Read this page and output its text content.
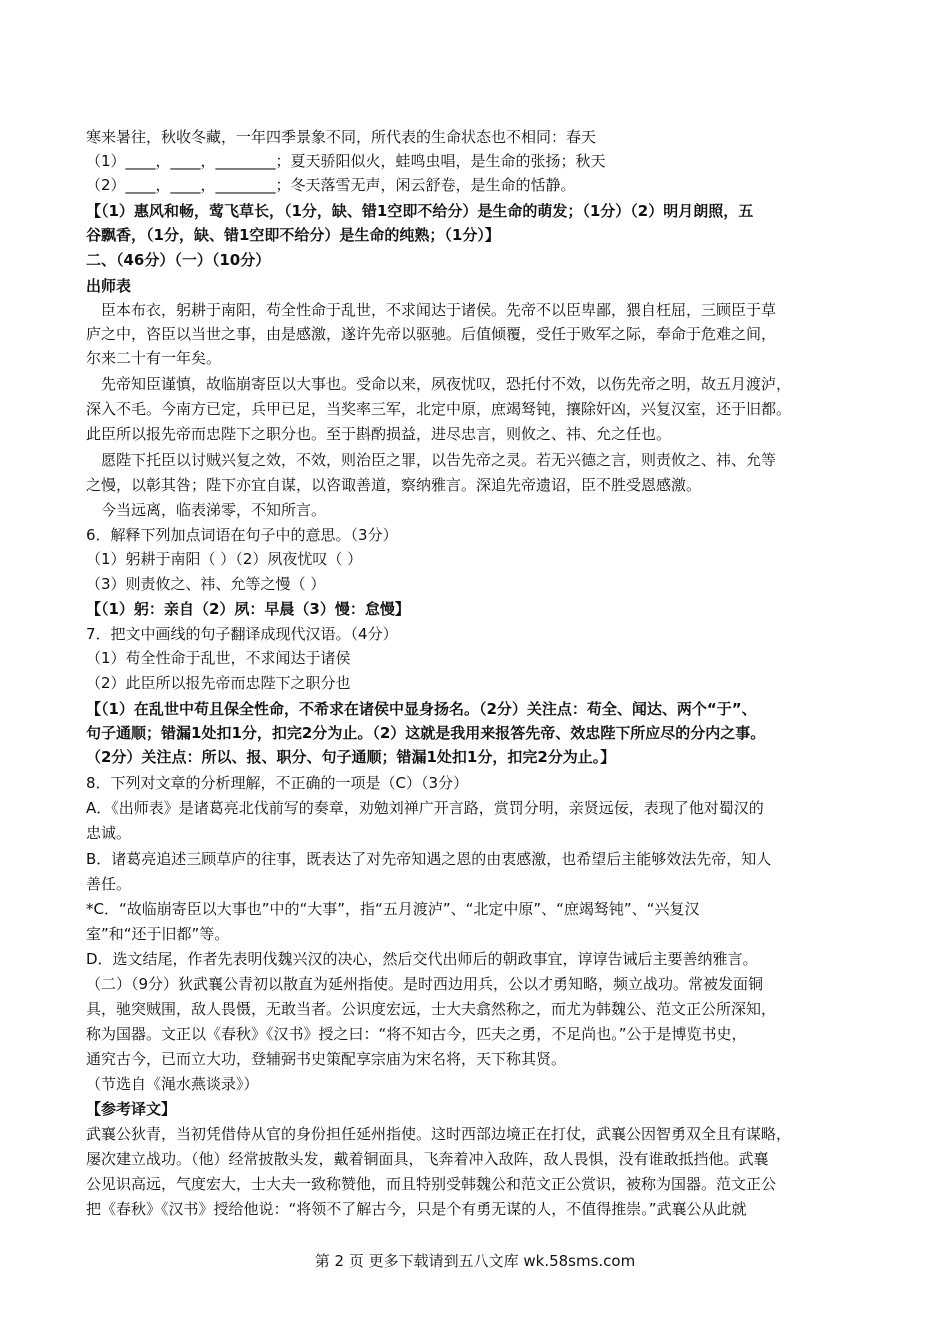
寒来暑往，秋收冬藏，一年四季景象不同，所代表的生命状态也不相同：春天
（1）____，____，________；夏天骄阳似火，蛙鸣虫唱，是生命的张扬；秋天
（2）____，____，________；冬天落雪无声，闲云舒卷，是生命的恬静。
【（1）惠风和畅，莺飞草长，（1分，缺、错1空即不给分）是生命的萌发；（1分）（2）明月朗照，五
谷飘香，（1分，缺、错1空即不给分）是生命的纯熟；（1分）】
二、（46分）（一）（10分）
出师表
　臣本布衣，躬耕于南阳，苟全性命于乱世，不求闻达于诸侯。先帝不以臣卑鄙，猥自枉屈，三顾臣于草
庐之中，咨臣以当世之事，由是感激，遂许先帝以驱驰。后值倾覆，受任于败军之际，奉命于危难之间，
尔来二十有一年矣。
　先帝知臣谨慎，故临崩寄臣以大事也。受命以来，夙夜忧叹，恐托付不效，以伤先帝之明，故五月渡泸，
深入不毛。今南方已定，兵甲已足，当奖率三军，北定中原，庶竭驽钝，攘除奸凶，兴复汉室，还于旧都。
此臣所以报先帝而忠陛下之职分也。至于斟酌损益，进尽忠言，则攸之、祎、允之任也。
　愿陛下托臣以讨贼兴复之效，不效，则治臣之罪，以告先帝之灵。若无兴德之言，则责攸之、祎、允等
之慢，以彰其咎；陛下亦宜自谋，以咨诹善道，察纳雅言。深追先帝遗诏，臣不胜受恩感激。
　今当远离，临表涕零，不知所言。
6．解释下列加点词语在句子中的意思。（3分）
（1）躬耕于南阳（ ）（2）夙夜忧叹（ ）
（3）则责攸之、祎、允等之慢（ ）
【（1）躬：亲自（2）夙：早晨（3）慢：怠慢】
7．把文中画线的句子翻译成现代汉语。（4分）
（1）苟全性命于乱世，不求闻达于诸侯
（2）此臣所以报先帝而忠陛下之职分也
【（1）在乱世中苟且保全性命，不希求在诸侯中显身扬名。（2分）关注点：苟全、闻达、两个“于”、
句子通顺；错漏1处扣1分，扣完2分为止。（2）这就是我用来报答先帝、效忠陛下所应尽的分内之事。
（2分）关注点：所以、报、职分、句子通顺；错漏1处扣1分，扣完2分为止。】
8．下列对文章的分析理解，不正确的一项是（C）（3分）
A．《出师表》是诸葛亮北伐前写的奏章，劝勉刘禅广开言路，赏罚分明，亲贤远佞，表现了他对蜀汉的
忠诚。
B．诸葛亮追述三顾草庐的往事，既表达了对先帝知遇之恩的由衷感激，也希望后主能够效法先帝，知人
善任。
*C．“故临崩寄臣以大事也”中的“大事”，指“五月渡泸”、“北定中原”、“庶竭驽钝”、“兴复汉
室”和“还于旧都”等。
D．选文结尾，作者先表明伐魏兴汉的决心，然后交代出师后的朝政事宜，谆谆告诫后主要善纳雅言。
（二）（9分）狄武襄公青初以散直为延州指使。是时西边用兵，公以才勇知略，频立战功。常被发面铜
具，驰突贼围，敌人畏慑，无敢当者。公识度宏远，士大夫翕然称之，而尤为韩魏公、范文正公所深知，
称为国器。文正以《春秋》《汉书》授之曰：“将不知古今，匹夫之勇，不足尚也。”公于是博览书史，
通究古今，已而立大功，登辅弼书史策配享宗庙为宋名将，天下称其贤。
（节选自《渑水燕谈录》）
【参考译文】
武襄公狄青，当初凭借侍从官的身份担任延州指使。这时西部边境正在打仗，武襄公因智勇双全且有谋略，
屡次建立战功。（他）经常披散头发，戴着铜面具，飞奔着冲入敌阵，敌人畏惧，没有谁敢抵挡他。武襄
公见识高远，气度宏大，士大夫一致称赞他，而且特别受韩魏公和范文正公赏识，被称为国器。范文正公
把《春秋》《汉书》授给他说：“将领不了解古今，只是个有勇无谋的人，不值得推崇。”武襄公从此就
第 2 页 更多下载请到五八文库 wk.58sms.com
